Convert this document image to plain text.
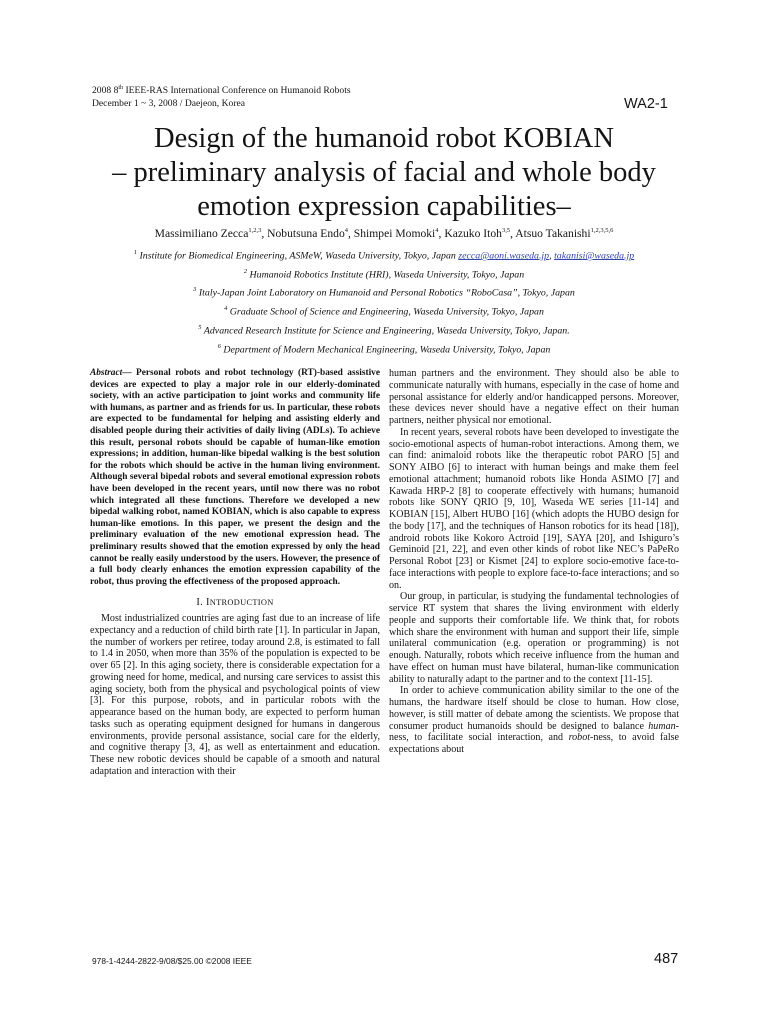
2008 8th IEEE-RAS International Conference on Humanoid Robots
December 1 ~ 3, 2008 / Daejeon, Korea	WA2-1
Design of the humanoid robot KOBIAN
– preliminary analysis of facial and whole body
emotion expression capabilities–
Massimiliano Zecca$^{1,2,3}$, Nobutsuna Endo$^4$, Shimpei Momoki$^4$, Kazuko Itoh$^{3,5}$, Atsuo Takanishi$^{1,2,3,5,6}$
$^1$ Institute for Biomedical Engineering, ASMeW, Waseda University, Tokyo, Japan zecca@aoni.waseda.jp, takanisi@waseda.jp
$^2$ Humanoid Robotics Institute (HRI), Waseda University, Tokyo, Japan
$^3$ Italy-Japan Joint Laboratory on Humanoid and Personal Robotics “RoboCasa”, Tokyo, Japan
$^4$ Graduate School of Science and Engineering, Waseda University, Tokyo, Japan
$^5$ Advanced Research Institute for Science and Engineering, Waseda University, Tokyo, Japan.
$^6$ Department of Modern Mechanical Engineering, Waseda University, Tokyo, Japan

Abstract— Personal robots and robot technology (RT)-based assistive devices are expected to play a major role in our elderly-dominated society, with an active participation to joint works and community life with humans, as partner and as friends for us. In particular, these robots are expected to be fundamental for helping and assisting elderly and disabled people during their activities of daily living (ADLs). To achieve this result, personal robots should be capable of human-like emotion expressions; in addition, human-like bipedal walking is the best solution for the robots which should be active in the human living environment. Although several bipedal robots and several emotional expression robots have been developed in the recent years, until now there was no robot which integrated all these functions. Therefore we developed a new bipedal walking robot, named KOBIAN, which is also capable to express human-like emotions. In this paper, we present the design and the preliminary evaluation of the new emotional expression head. The preliminary results showed that the emotion expressed by only the head cannot be really easily understood by the users. However, the presence of a full body clearly enhances the emotion expression capability of the robot, thus proving the effectiveness of the proposed approach.

I. INTRODUCTION

Most industrialized countries are aging fast due to an increase of life expectancy and a reduction of child birth rate [1]. In particular in Japan, the number of workers per retiree, today around 2.8, is estimated to fall to 1.4 in 2050, when more than 35% of the population is expected to be over 65 [2]. In this aging society, there is considerable expectation for a growing need for home, medical, and nursing care services to assist this aging society, both from the physical and psychological points of view [3]. For this purpose, robots, and in particular robots with the appearance based on the human body, are expected to perform human tasks such as operating equipment designed for humans in dangerous environments, provide personal assistance, social care for the elderly, and cognitive therapy [3, 4], as well as entertainment and education. These new robotic devices should be capable of a smooth and natural adaptation and interaction with their

human partners and the environment. They should also be able to communicate naturally with humans, especially in the case of home and personal assistance for elderly and/or handicapped persons. Moreover, these devices never should have a negative effect on their human partners, neither physical nor emotional.

In recent years, several robots have been developed to investigate the socio-emotional aspects of human-robot interactions. Among them, we can find: animaloid robots like the therapeutic robot PARO [5] and SONY AIBO [6] to interact with human beings and make them feel emotional attachment; humanoid robots like Honda ASIMO [7] and Kawada HRP-2 [8] to cooperate effectively with humans; humanoid robots like SONY QRIO [9, 10], Waseda WE series [11-14] and KOBIAN [15], Albert HUBO [16] (which adopts the HUBO design for the body [17], and the techniques of Hanson robotics for its head [18]), android robots like Kokoro Actroid [19], SAYA [20], and Ishiguro’s Geminoid [21, 22], and even other kinds of robot like NEC’s PaPeRo Personal Robot [23] or Kismet [24] to explore socio-emotive face-to-face interactions with people to explore face-to-face interactions; and so on.

Our group, in particular, is studying the fundamental technologies of service RT system that shares the living environment with elderly people and supports their comfortable life. We think that, for robots which share the environment with human and support their life, simple unilateral communication (e.g. operation or programming) is not enough. Naturally, robots which receive influence from the human and have effect on human must have bilateral, human-like communication ability to naturally adapt to the partner and to the context [11-15].

In order to achieve communication ability similar to the one of the humans, the hardware itself should be close to human. How close, however, is still matter of debate among the scientists. We propose that consumer product humanoids should be designed to balance human-ness, to facilitate social interaction, and robot-ness, to avoid false expectations about

978-1-4244-2822-9/08/$25.00 ©2008 IEEE	487
